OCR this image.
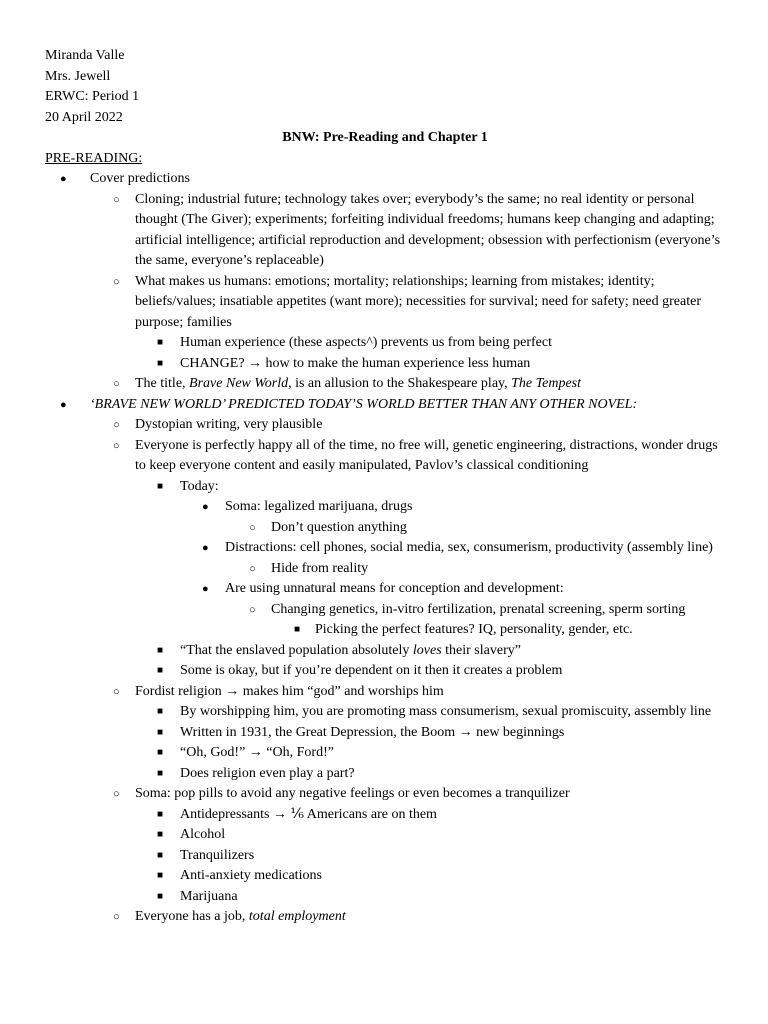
Miranda Valle
Mrs. Jewell
ERWC: Period 1
20 April 2022
BNW: Pre-Reading and Chapter 1
PRE-READING:
● Cover predictions
○ Cloning; industrial future; technology takes over; everybody’s the same; no real identity or personal thought (The Giver); experiments; forfeiting individual freedoms; humans keep changing and adapting; artificial intelligence; artificial reproduction and development; obsession with perfectionism (everyone’s the same, everyone’s replaceable)
○ What makes us humans: emotions; mortality; relationships; learning from mistakes; identity; beliefs/values; insatiable appetites (want more); necessities for survival; need for safety; need greater purpose; families
■ Human experience (these aspects^) prevents us from being perfect
■ CHANGE? → how to make the human experience less human
○ The title, Brave New World, is an allusion to the Shakespeare play, The Tempest
● ‘BRAVE NEW WORLD’ PREDICTED TODAY’S WORLD BETTER THAN ANY OTHER NOVEL:
○ Dystopian writing, very plausible
○ Everyone is perfectly happy all of the time, no free will, genetic engineering, distractions, wonder drugs to keep everyone content and easily manipulated, Pavlov’s classical conditioning
■ Today:
● Soma: legalized marijuana, drugs
○ Don’t question anything
● Distractions: cell phones, social media, sex, consumerism, productivity (assembly line)
○ Hide from reality
● Are using unnatural means for conception and development:
○ Changing genetics, in-vitro fertilization, prenatal screening, sperm sorting
■ Picking the perfect features? IQ, personality, gender, etc.
■ “That the enslaved population absolutely loves their slavery”
■ Some is okay, but if you’re dependent on it then it creates a problem
○ Fordist religion → makes him “god” and worships him
■ By worshipping him, you are promoting mass consumerism, sexual promiscuity, assembly line
■ Written in 1931, the Great Depression, the Boom → new beginnings
■ “Oh, God!” → “Oh, Ford!”
■ Does religion even play a part?
○ Soma: pop pills to avoid any negative feelings or even becomes a tranquilizer
■ Antidepressants → ⅙ Americans are on them
■ Alcohol
■ Tranquilizers
■ Anti-anxiety medications
■ Marijuana
○ Everyone has a job, total employment
